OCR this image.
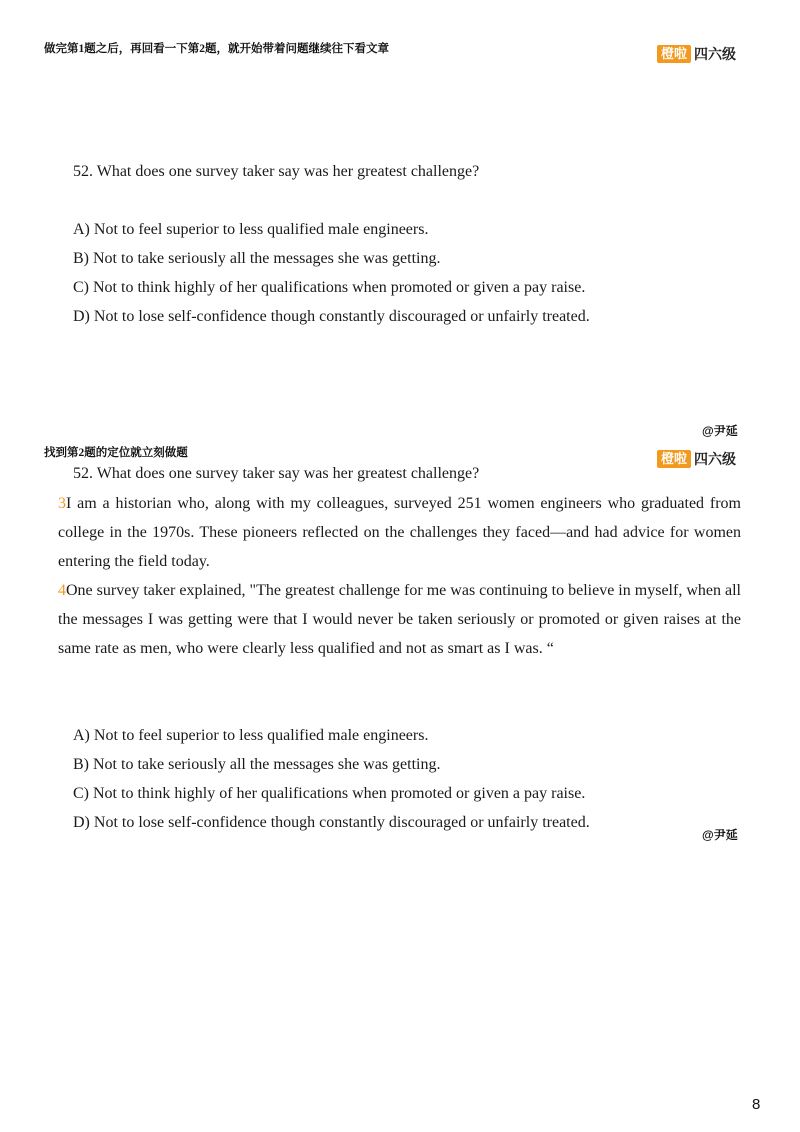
做完第1题之后，再回看一下第2题，就开始带着问题继续往下看文章	橙啦 四六级
52. What does one survey taker say was her greatest challenge?
A) Not to feel superior to less qualified male engineers.
B) Not to take seriously all the messages she was getting.
C) Not to think highly of her qualifications when promoted or given a pay raise.
D) Not to lose self-confidence though constantly discouraged or unfairly treated.
@尹延
找到第2题的定位就立刻做题	橙啦 四六级
52. What does one survey taker say was her greatest challenge?
3I am a historian who, along with my colleagues, surveyed 251 women engineers who graduated from college in the 1970s. These pioneers reflected on the challenges they faced—and had advice for women entering the field today.
4One survey taker explained, "The greatest challenge for me was continuing to believe in myself, when all the messages I was getting were that I would never be taken seriously or promoted or given raises at the same rate as men, who were clearly less qualified and not as smart as I was. “
A) Not to feel superior to less qualified male engineers.
B) Not to take seriously all the messages she was getting.
C) Not to think highly of her qualifications when promoted or given a pay raise.
D) Not to lose self-confidence though constantly discouraged or unfairly treated.
@尹延
8
